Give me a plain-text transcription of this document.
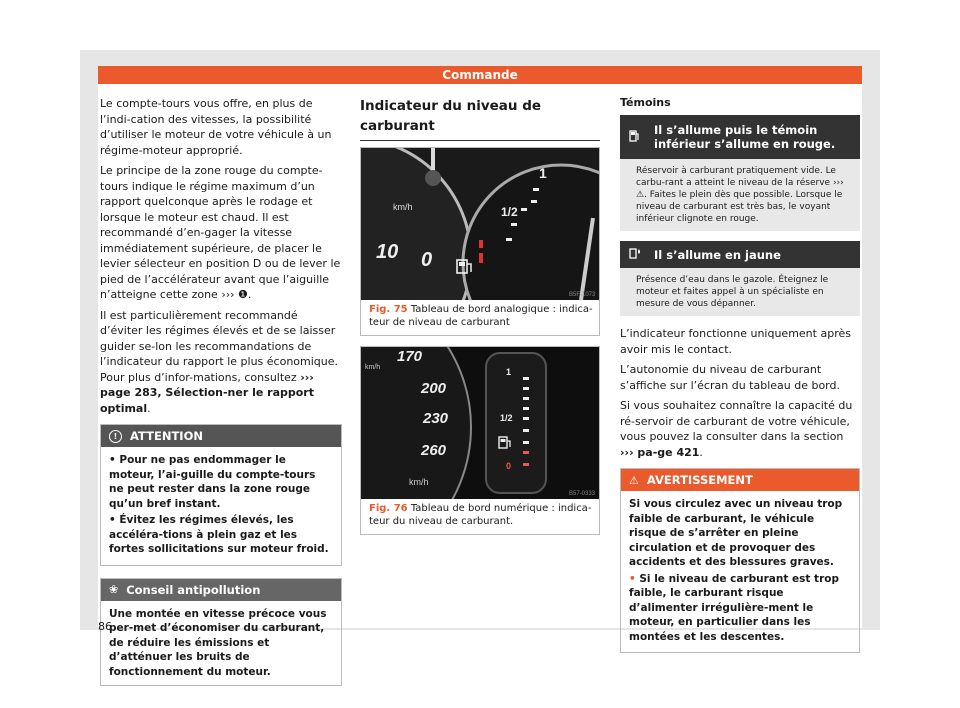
Commande

Le compte-tours vous offre, en plus de l’indi-cation des vitesses, la possibilité d’utiliser le moteur de votre véhicule à un régime-moteur approprié.

Le principe de la zone rouge du compte-tours indique le régime maximum d’un rapport quelconque après le rodage et lorsque le moteur est chaud. Il est recommandé d’en-gager la vitesse immédiatement supérieure, de placer le levier sélecteur en position D ou de lever le pied de l’accélérateur avant que l’aiguille n’atteigne cette zone ››› ❶.

Il est particulièrement recommandé d’éviter les régimes élevés et de se laisser guider se-lon les recommandations de l’indicateur du rapport le plus économique. Pour plus d’infor-mations, consultez ››› page 283, Sélection-ner le rapport optimal.

!	ATTENTION
• Pour ne pas endommager le moteur, l’ai-guille du compte-tours ne peut rester dans la zone rouge qu’un bref instant.
• Évitez les régimes élevés, les accéléra-tions à plein gaz et les fortes sollicitations sur moteur froid.
❀ Conseil antipollution
Une montée en vitesse précoce vous per-met d’économiser du carburant, de réduire les émissions et d’atténuer les bruits de fonctionnement du moteur.
Indicateur du niveau de carburant
km/h
10 0
1
1/2
B5F-1073
Fig. 75 Tableau de bord analogique : indica-teur de niveau de carburant
170
200
230
260
km/h
km/h
1
1/2
0
B57-0333
Fig. 76 Tableau de bord numérique : indica-teur du niveau de carburant.
Témoins
Il s’allume puis le témoin inférieur s’allume en rouge.
Réservoir à carburant pratiquement vide. Le carbu-rant a atteint le niveau de la réserve ››› ⚠. Faites le plein dès que possible. Lorsque le niveau de carburant est très bas, le voyant inférieur clignote en rouge.
Il s’allume en jaune
Présence d’eau dans le gazole. Éteignez le moteur et faites appel à un spécialiste en mesure de vous dépanner.

L’indicateur fonctionne uniquement après avoir mis le contact.

L’autonomie du niveau de carburant s’affiche sur l’écran du tableau de bord.

Si vous souhaitez connaître la capacité du ré-servoir de carburant de votre véhicule, vous pouvez la consulter dans la section ››› pa-ge 421.

⚠ AVERTISSEMENT
Si vous circulez avec un niveau trop faible de carburant, le véhicule risque de s’arrêter en pleine circulation et de provoquer des accidents et des blessures graves.
• Si le niveau de carburant est trop faible, le carburant risque d’alimenter irrégulière-ment le moteur, en particulier dans les montées et les descentes.
86
